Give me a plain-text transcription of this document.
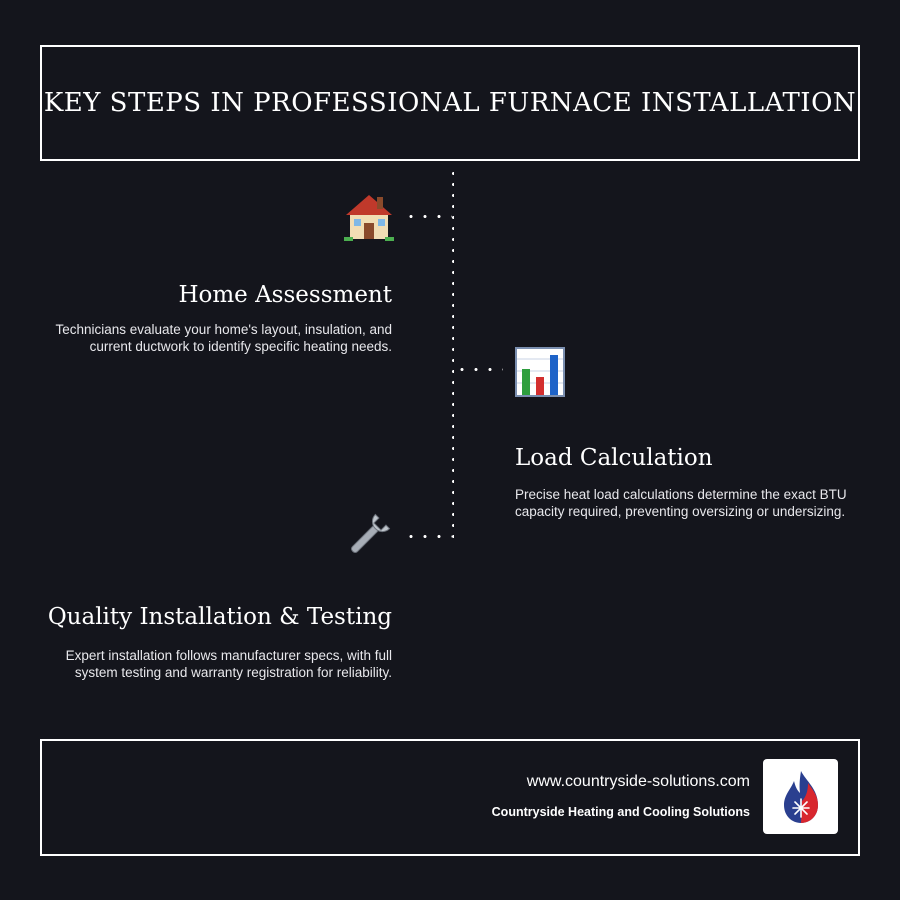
KEY STEPS IN PROFESSIONAL FURNACE INSTALLATION
Home Assessment
Technicians evaluate your home's layout, insulation, and current ductwork to identify specific heating needs.
Load Calculation
Precise heat load calculations determine the exact BTU capacity required, preventing oversizing or undersizing.
Quality Installation & Testing
Expert installation follows manufacturer specs, with full system testing and warranty registration for reliability.
www.countryside-solutions.com
Countryside Heating and Cooling Solutions
